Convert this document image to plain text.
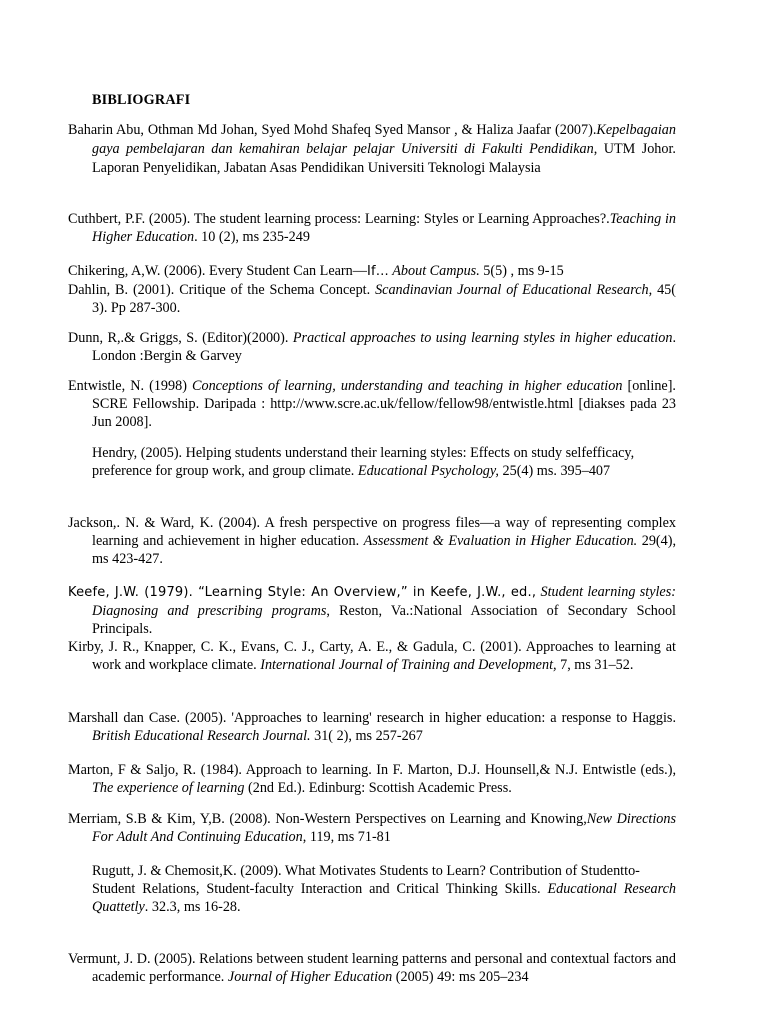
BIBLIOGRAFI
Baharin Abu, Othman Md Johan, Syed Mohd Shafeq Syed Mansor , & Haliza Jaafar (2007).Kepelbagaian gaya pembelajaran dan kemahiran belajar pelajar Universiti di Fakulti Pendidikan, UTM Johor. Laporan Penyelidikan, Jabatan Asas Pendidikan Universiti Teknologi Malaysia
Cuthbert, P.F. (2005). The student learning process: Learning: Styles or Learning Approaches?.Teaching in Higher Education. 10 (2), ms 235-249
Chikering, A,W. (2006). Every Student Can Learn—If… About Campus. 5(5) , ms 9-15
Dahlin, B. (2001). Critique of the Schema Concept. Scandinavian Journal of Educational Research, 45( 3). Pp 287-300.
Dunn, R,.& Griggs, S. (Editor)(2000). Practical approaches to using learning styles in higher education. London :Bergin & Garvey
Entwistle, N. (1998) Conceptions of learning, understanding and teaching in higher education [online]. SCRE Fellowship. Daripada : http://www.scre.ac.uk/fellow/fellow98/entwistle.html [diakses pada 23 Jun 2008].
Hendry, (2005). Helping students understand their learning styles: Effects on study selfefficacy,
preference for group work, and group climate. Educational Psychology, 25(4) ms. 395–407
Jackson,. N. & Ward, K. (2004). A fresh perspective on progress files—a way of representing complex learning and achievement in higher education. Assessment & Evaluation in Higher Education. 29(4), ms 423-427.
Keefe, J.W. (1979). “Learning Style: An Overview,” in Keefe, J.W., ed., Student learning styles: Diagnosing and prescribing programs, Reston, Va.:National Association of Secondary School Principals.
Kirby, J. R., Knapper, C. K., Evans, C. J., Carty, A. E., & Gadula, C. (2001). Approaches to learning at work and workplace climate. International Journal of Training and Development, 7, ms 31–52.
Marshall dan Case. (2005). 'Approaches to learning' research in higher education: a response to Haggis. British Educational Research Journal. 31( 2), ms 257-267
Marton, F & Saljo, R. (1984). Approach to learning. In F. Marton, D.J. Hounsell,& N.J. Entwistle (eds.), The experience of learning (2nd Ed.). Edinburg: Scottish Academic Press.
Merriam, S.B & Kim, Y,B. (2008). Non-Western Perspectives on Learning and Knowing,New Directions For Adult And Continuing Education, 119, ms 71-81
Rugutt, J. & Chemosit,K. (2009). What Motivates Students to Learn? Contribution of Studentto-
Student Relations, Student-faculty Interaction and Critical Thinking Skills. Educational Research Quattetly. 32.3, ms 16-28.
Vermunt, J. D. (2005). Relations between student learning patterns and personal and contextual factors and academic performance. Journal of Higher Education (2005) 49: ms 205–234
